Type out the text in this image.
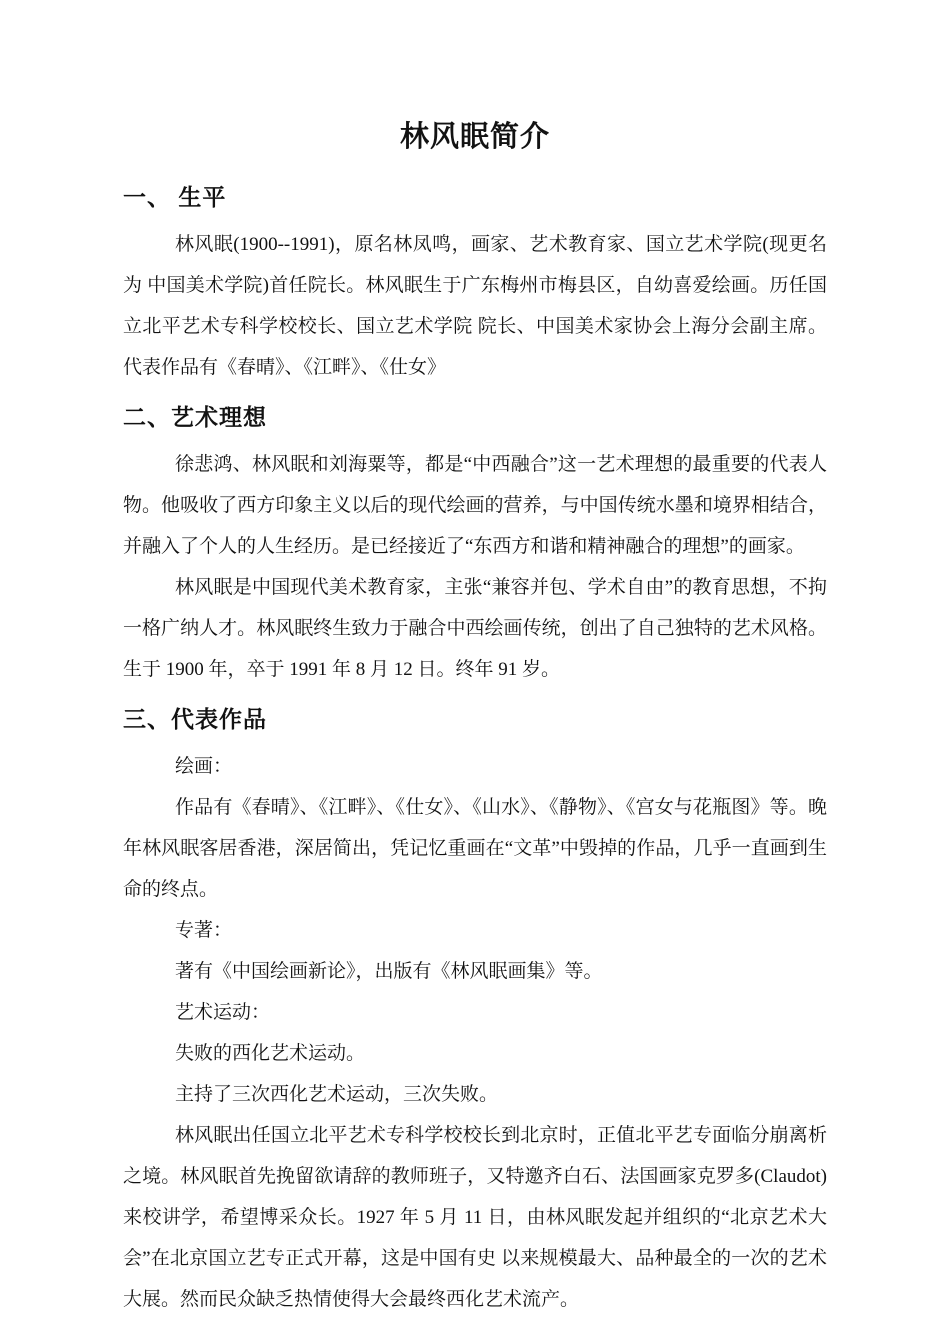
林风眠简介
一、 生平

林风眠(1900--1991)，原名林凤鸣，画家、艺术教育家、国立艺术学院(现更名为 中国美术学院)首任院长。林风眠生于广东梅州市梅县区，自幼喜爱绘画。历任国立北平艺术专科学校校长、国立艺术学院 院长、中国美术家协会上海分会副主席。代表作品有《春晴》、《江畔》、《仕女》

二、艺术理想

徐悲鸿、林风眠和刘海粟等，都是“中西融合”这一艺术理想的最重要的代表人物。他吸收了西方印象主义以后的现代绘画的营养，与中国传统水墨和境界相结合，并融入了个人的人生经历。是已经接近了“东西方和谐和精神融合的理想”的画家。

林风眠是中国现代美术教育家，主张“兼容并包、学术自由”的教育思想，不拘一格广纳人才。林风眠终生致力于融合中西绘画传统，创出了自己独特的艺术风格。 生于 1900 年，卒于 1991 年 8 月 12 日。终年 91 岁。

三、代表作品

绘画：

作品有《春晴》、《江畔》、《仕女》、《山水》、《静物》、《宫女与花瓶图》等。晚年林风眠客居香港，深居简出，凭记忆重画在“文革”中毁掉的作品，几乎一直画到生命的终点。

专著：

著有《中国绘画新论》，出版有《林风眠画集》等。

艺术运动：

失败的西化艺术运动。

主持了三次西化艺术运动，三次失败。

林风眠出任国立北平艺术专科学校校长到北京时，正值北平艺专面临分崩离析之境。林风眠首先挽留欲请辞的教师班子，又特邀齐白石、法国画家克罗多(Claudot)来校讲学，希望博采众长。1927 年 5 月 11 日，由林风眠发起并组织的“北京艺术大会”在北京国立艺专正式开幕，这是中国有史 以来规模最大、品种最全的一次的艺术大展。然而民众缺乏热情使得大会最终西化艺术流产。
